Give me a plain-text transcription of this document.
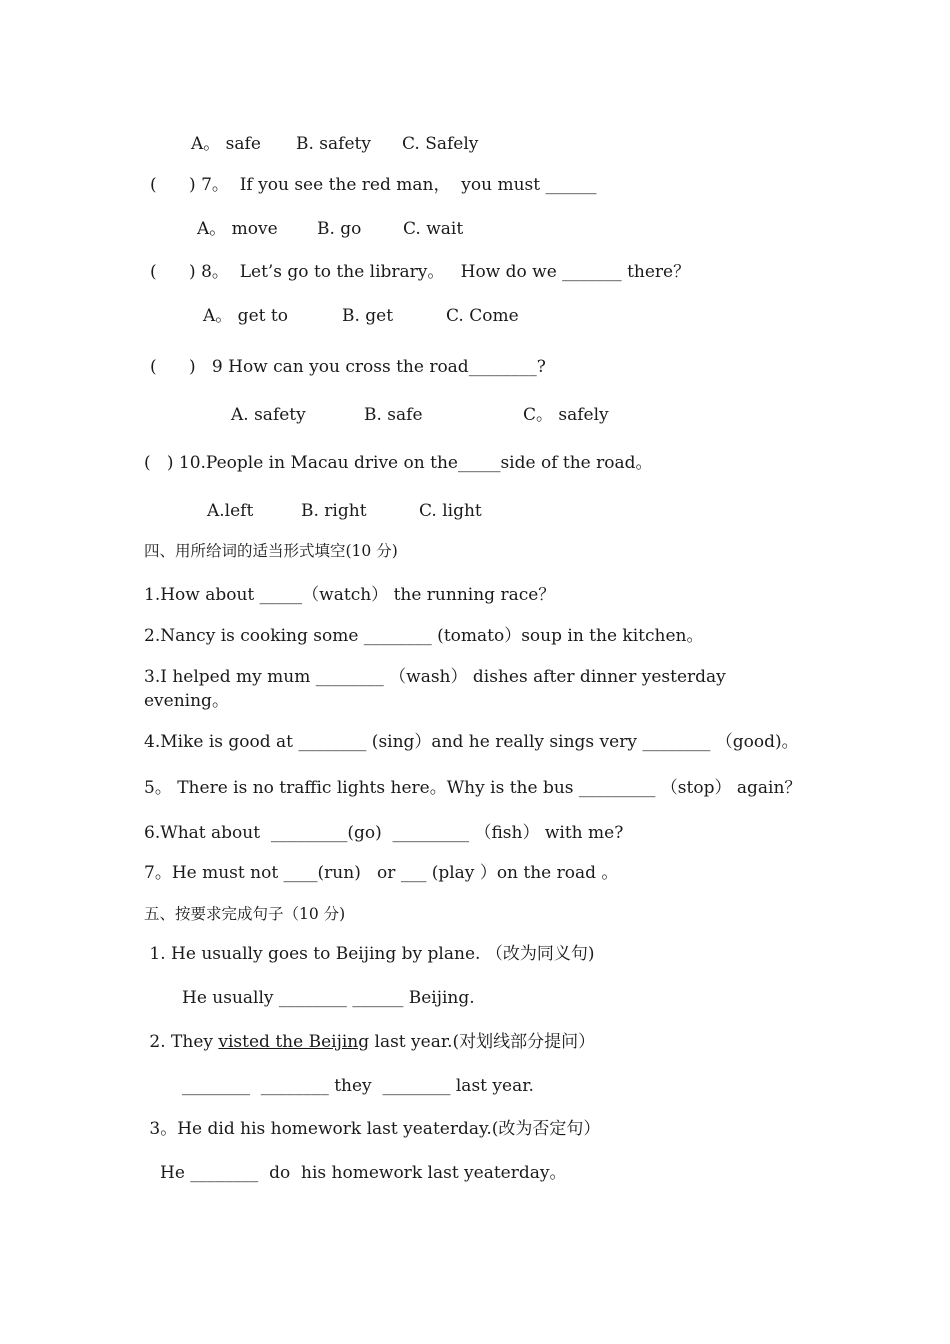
A。 safe B. safety C. Safely
(      ) 7。  If you see the red man，  you must ______
A。 move B. go C. wait
(      ) 8。  Let’s go to the library。   How do we _______ there？
A。 get to	B. get	C. Come
(      )   9 How can you cross the road________?
A. safety	B. safe	C。 safely
(   ) 10.People in Macau drive on the_____side of the road。
A.left	B. right	C. light
四、用所给词的适当形式填空(10 分)
1.How about _____（watch） the running race？
2.Nancy is cooking some ________ (tomato）soup in the kitchen。
3.I helped my mum ________ （wash） dishes after dinner yesterday
evening。
4.Mike is good at ________ (sing）and he really sings very ________ （good)。
5。 There is no traffic lights here。Why is the bus _________ （stop） again？
6.What about  _________(go)  _________ （fish） with me?
7。He must not ____(run)   or ___ (play ）on the road 。
五、按要求完成句子（10 分)
1. He usually goes to Beijing by plane. （改为同义句)
He usually ________ ______ Beijing.
2. They visted the Beijing last year.(对划线部分提问）
________  ________ they  ________ last year.
3。He did his homework last yeaterday.(改为否定句）
He ________  do  his homework last yeaterday。
